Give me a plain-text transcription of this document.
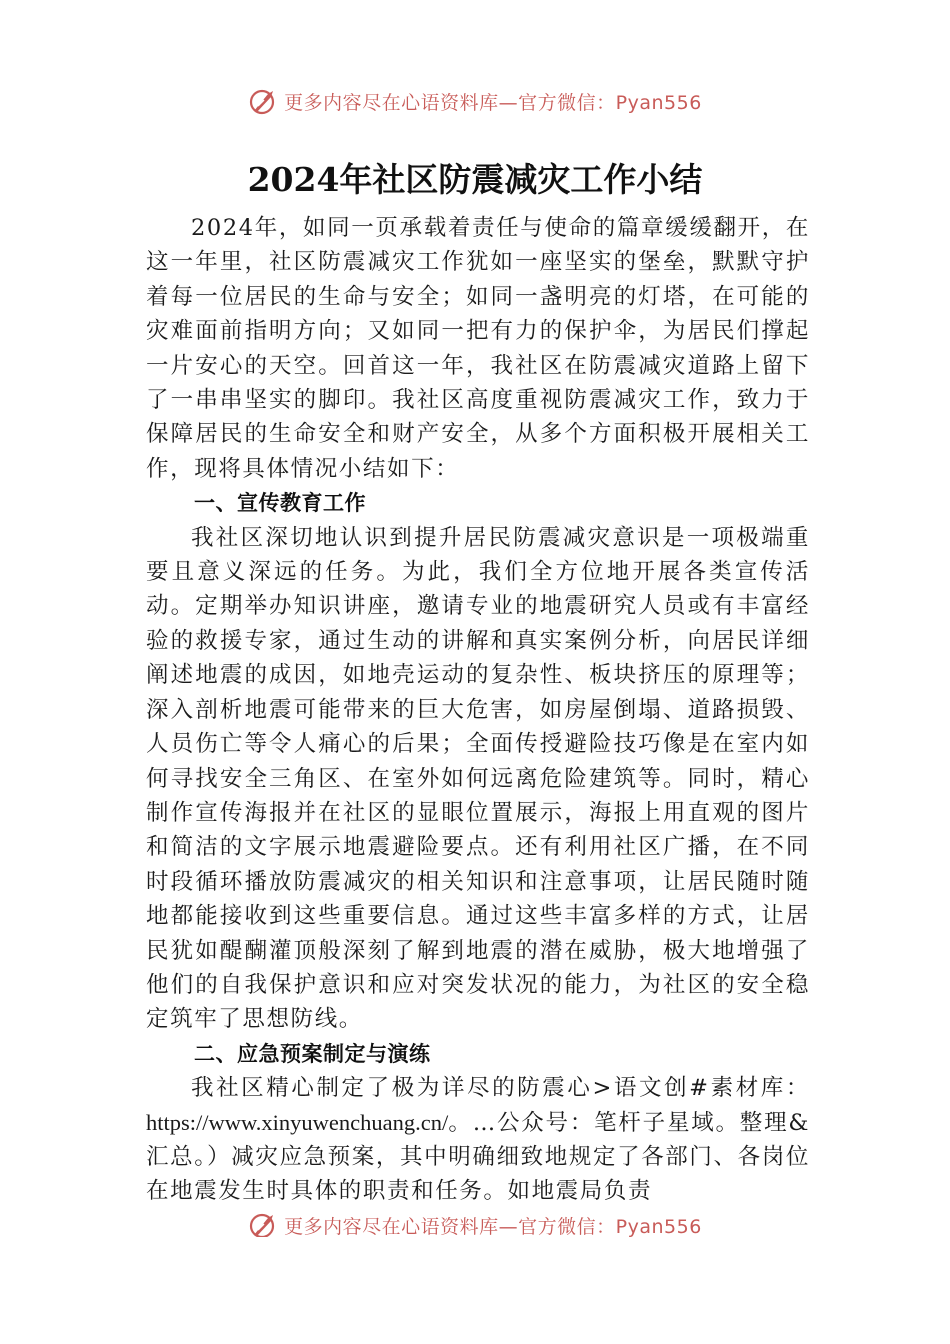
更多内容尽在心语资料库—官方微信：Pyan556
2024年社区防震减灾工作小结

2024年，如同一页承载着责任与使命的篇章缓缓翻开，在这一年里，社区防震减灾工作犹如一座坚实的堡垒，默默守护着每一位居民的生命与安全；如同一盏明亮的灯塔，在可能的灾难面前指明方向；又如同一把有力的保护伞，为居民们撑起一片安心的天空。回首这一年，我社区在防震减灾道路上留下了一串串坚实的脚印。我社区高度重视防震减灾工作，致力于保障居民的生命安全和财产安全，从多个方面积极开展相关工作，现将具体情况小结如下：

一、宣传教育工作

我社区深切地认识到提升居民防震减灾意识是一项极端重要且意义深远的任务。为此，我们全方位地开展各类宣传活动。定期举办知识讲座，邀请专业的地震研究人员或有丰富经验的救援专家，通过生动的讲解和真实案例分析，向居民详细阐述地震的成因，如地壳运动的复杂性、板块挤压的原理等；深入剖析地震可能带来的巨大危害，如房屋倒塌、道路损毁、人员伤亡等令人痛心的后果；全面传授避险技巧像是在室内如何寻找安全三角区、在室外如何远离危险建筑等。同时，精心制作宣传海报并在社区的显眼位置展示，海报上用直观的图片和简洁的文字展示地震避险要点。还有利用社区广播，在不同时段循环播放防震减灾的相关知识和注意事项，让居民随时随地都能接收到这些重要信息。通过这些丰富多样的方式，让居民犹如醍醐灌顶般深刻了解到地震的潜在威胁，极大地增强了他们的自我保护意识和应对突发状况的能力，为社区的安全稳定筑牢了思想防线。

二、应急预案制定与演练

我社区精心制定了极为详尽的防震心>语文创#素材库：https://www.xinyuwenchuang.cn/。…公众号：笔杆子星域。整理&汇总。）减灾应急预案，其中明确细致地规定了各部门、各岗位在地震发生时具体的职责和任务。如地震局负责

更多内容尽在心语资料库—官方微信：Pyan556
